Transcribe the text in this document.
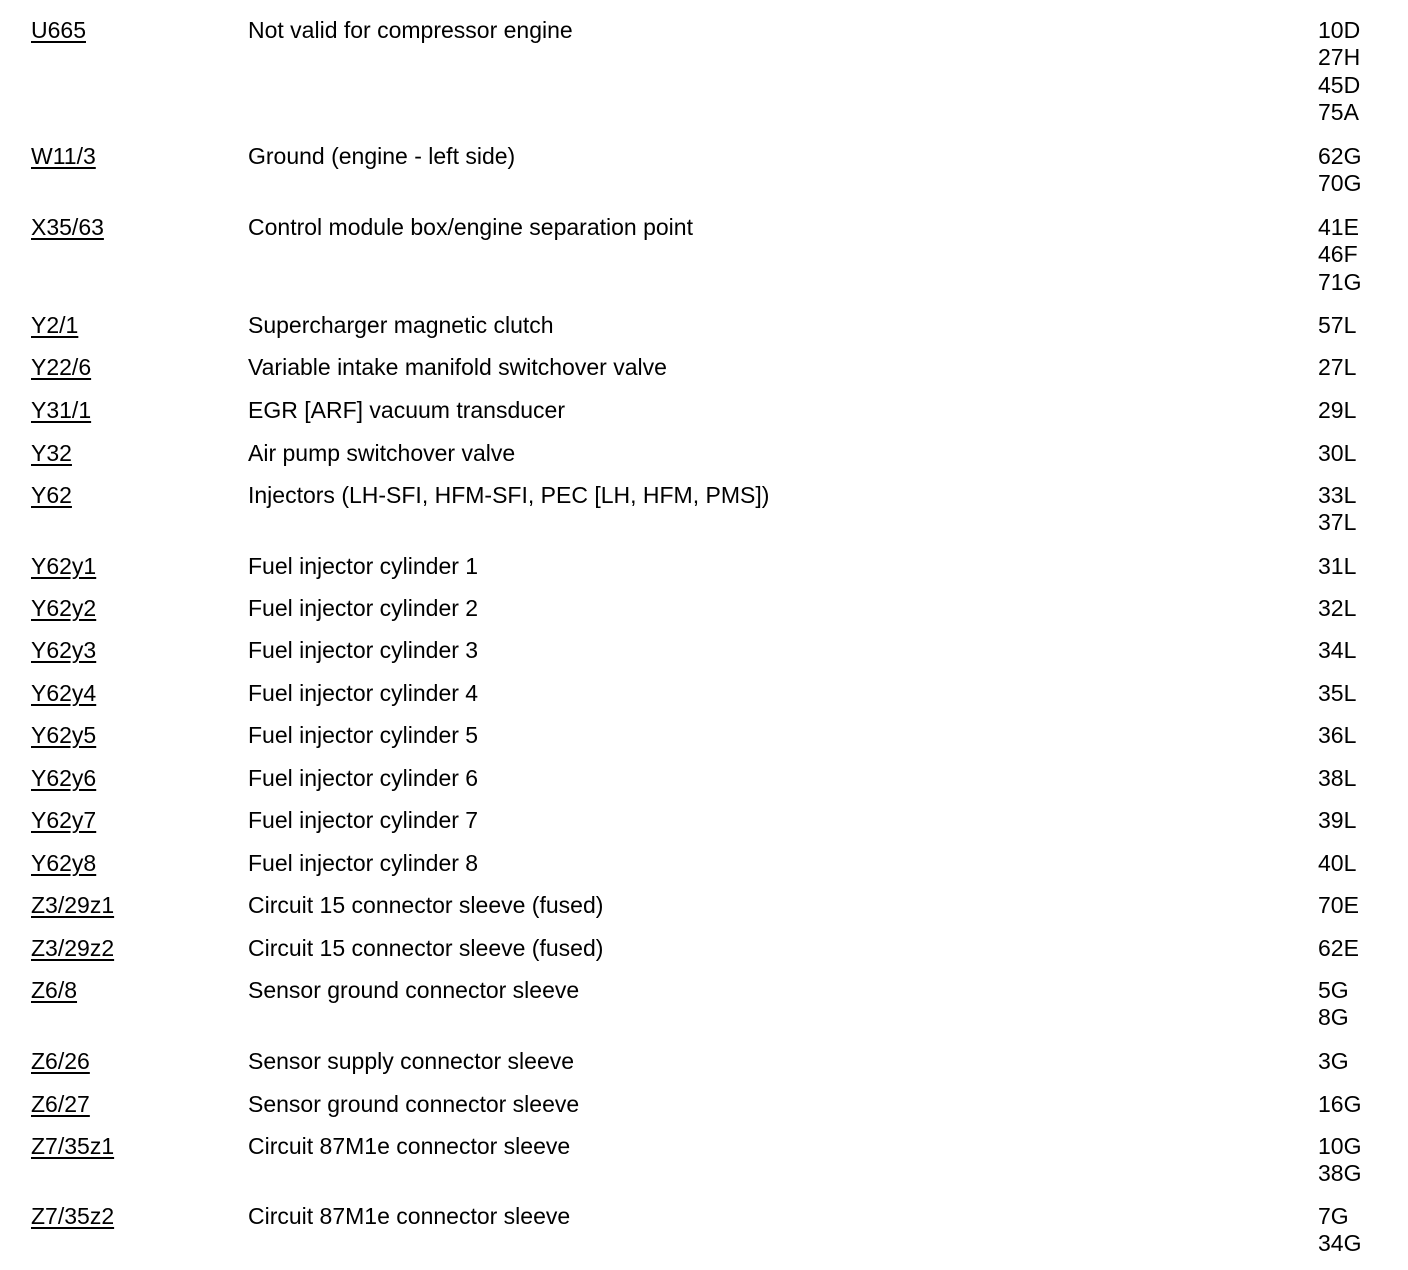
U665	Not valid for compressor engine	10D
27H
45D
75A
W11/3	Ground (engine - left side)	62G
70G
X35/63	Control module box/engine separation point	41E
46F
71G
Y2/1	Supercharger magnetic clutch	57L
Y22/6	Variable intake manifold switchover valve	27L
Y31/1	EGR [ARF] vacuum transducer	29L
Y32	Air pump switchover valve	30L
Y62	Injectors (LH-SFI, HFM-SFI, PEC [LH, HFM, PMS])	33L
37L
Y62y1	Fuel injector cylinder 1	31L
Y62y2	Fuel injector cylinder 2	32L
Y62y3	Fuel injector cylinder 3	34L
Y62y4	Fuel injector cylinder 4	35L
Y62y5	Fuel injector cylinder 5	36L
Y62y6	Fuel injector cylinder 6	38L
Y62y7	Fuel injector cylinder 7	39L
Y62y8	Fuel injector cylinder 8	40L
Z3/29z1	Circuit 15 connector sleeve (fused)	70E
Z3/29z2	Circuit 15 connector sleeve (fused)	62E
Z6/8	Sensor ground connector sleeve	5G
8G
Z6/26	Sensor supply connector sleeve	3G
Z6/27	Sensor ground connector sleeve	16G
Z7/35z1	Circuit 87M1e connector sleeve	10G
38G
Z7/35z2	Circuit 87M1e connector sleeve	7G
34G
